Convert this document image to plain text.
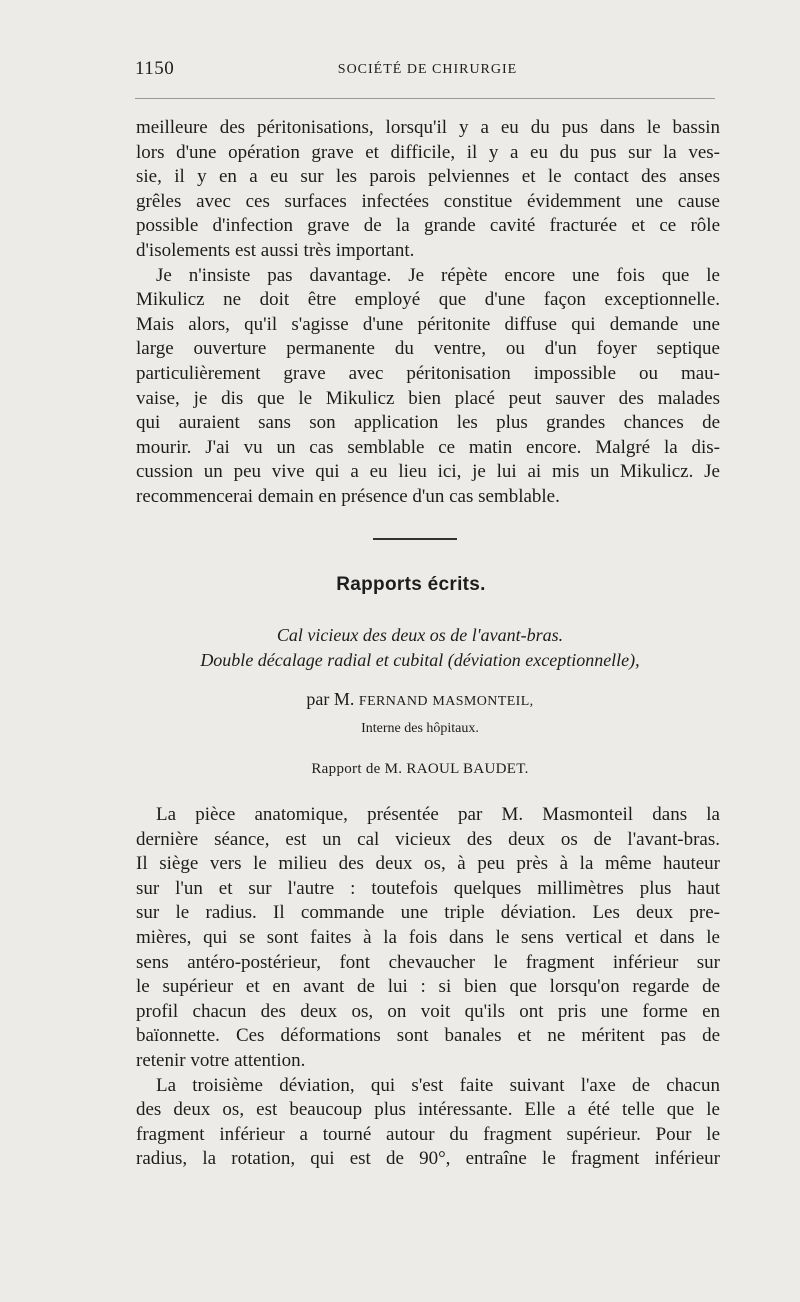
1150	SOCIÉTÉ DE CHIRURGIE
meilleure des péritonisations, lorsqu'il y a eu du pus dans le bassin
lors d'une opération grave et difficile, il y a eu du pus sur la ves-
sie, il y en a eu sur les parois pelviennes et le contact des anses
grêles avec ces surfaces infectées constitue évidemment une cause
possible d'infection grave de la grande cavité fracturée et ce rôle
d'isolements est aussi très important.
Je n'insiste pas davantage. Je répète encore une fois que le
Mikulicz ne doit être employé que d'une façon exceptionnelle.
Mais alors, qu'il s'agisse d'une péritonite diffuse qui demande une
large ouverture permanente du ventre, ou d'un foyer septique
particulièrement grave avec péritonisation impossible ou mau-
vaise, je dis que le Mikulicz bien placé peut sauver des malades
qui auraient sans son application les plus grandes chances de
mourir. J'ai vu un cas semblable ce matin encore. Malgré la dis-
cussion un peu vive qui a eu lieu ici, je lui ai mis un Mikulicz. Je
recommencerai demain en présence d'un cas semblable.
Rapports écrits.
Cal vicieux des deux os de l'avant-bras.
Double décalage radial et cubital (déviation exceptionnelle),
par M. FERNAND MASMONTEIL,
Interne des hôpitaux.
Rapport de M. RAOUL BAUDET.
La pièce anatomique, présentée par M. Masmonteil dans la
dernière séance, est un cal vicieux des deux os de l'avant-bras.
Il siège vers le milieu des deux os, à peu près à la même hauteur
sur l'un et sur l'autre : toutefois quelques millimètres plus haut
sur le radius. Il commande une triple déviation. Les deux pre-
mières, qui se sont faites à la fois dans le sens vertical et dans le
sens antéro-postérieur, font chevaucher le fragment inférieur sur
le supérieur et en avant de lui : si bien que lorsqu'on regarde de
profil chacun des deux os, on voit qu'ils ont pris une forme en
baïonnette. Ces déformations sont banales et ne méritent pas de
retenir votre attention.
La troisième déviation, qui s'est faite suivant l'axe de chacun
des deux os, est beaucoup plus intéressante. Elle a été telle que le
fragment inférieur a tourné autour du fragment supérieur. Pour le
radius, la rotation, qui est de 90°, entraîne le fragment inférieur
